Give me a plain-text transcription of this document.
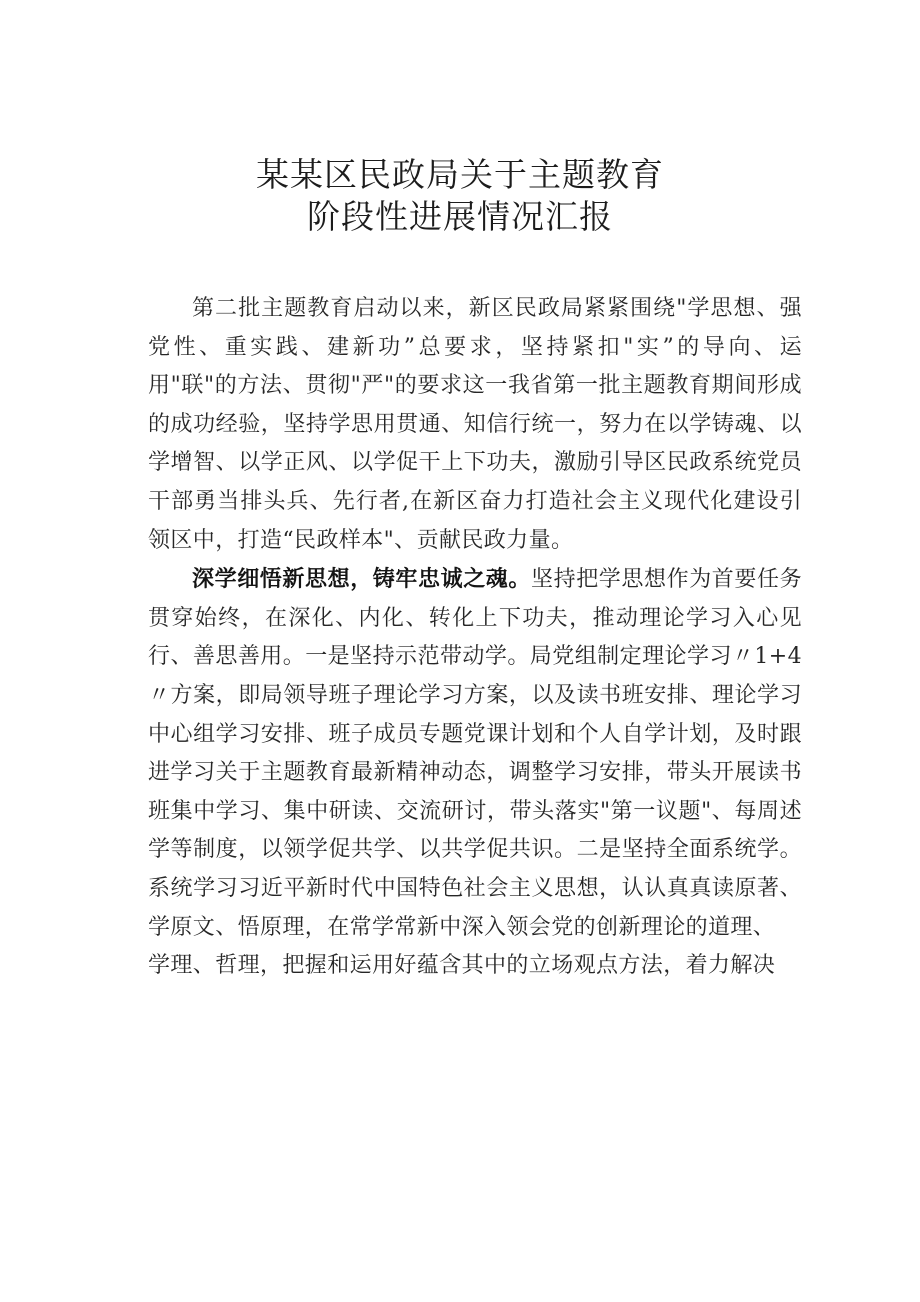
某某区民政局关于主题教育
阶段性进展情况汇报

第二批主题教育启动以来，新区民政局紧紧围绕"学思想、强党性、重实践、建新功”总要求，坚持紧扣"实”的导向、运用"联"的方法、贯彻"严"的要求这一我省第一批主题教育期间形成的成功经验，坚持学思用贯通、知信行统一，努力在以学铸魂、以学增智、以学正风、以学促干上下功夫，激励引导区民政系统党员干部勇当排头兵、先行者,在新区奋力打造社会主义现代化建设引领区中，打造“民政样本"、贡献民政力量。

深学细悟新思想，铸牢忠诚之魂。坚持把学思想作为首要任务贯穿始终，在深化、内化、转化上下功夫，推动理论学习入心见行、善思善用。一是坚持示范带动学。局党组制定理论学习〃1+4〃方案，即局领导班子理论学习方案，以及读书班安排、理论学习中心组学习安排、班子成员专题党课计划和个人自学计划，及时跟进学习关于主题教育最新精神动态，调整学习安排，带头开展读书班集中学习、集中研读、交流研讨，带头落实"第一议题"、每周述学等制度，以领学促共学、以共学促共识。二是坚持全面系统学。系统学习习近平新时代中国特色社会主义思想，认认真真读原著、学原文、悟原理，在常学常新中深入领会党的创新理论的道理、

学理、哲理，把握和运用好蕴含其中的立场观点方法，着力解决
